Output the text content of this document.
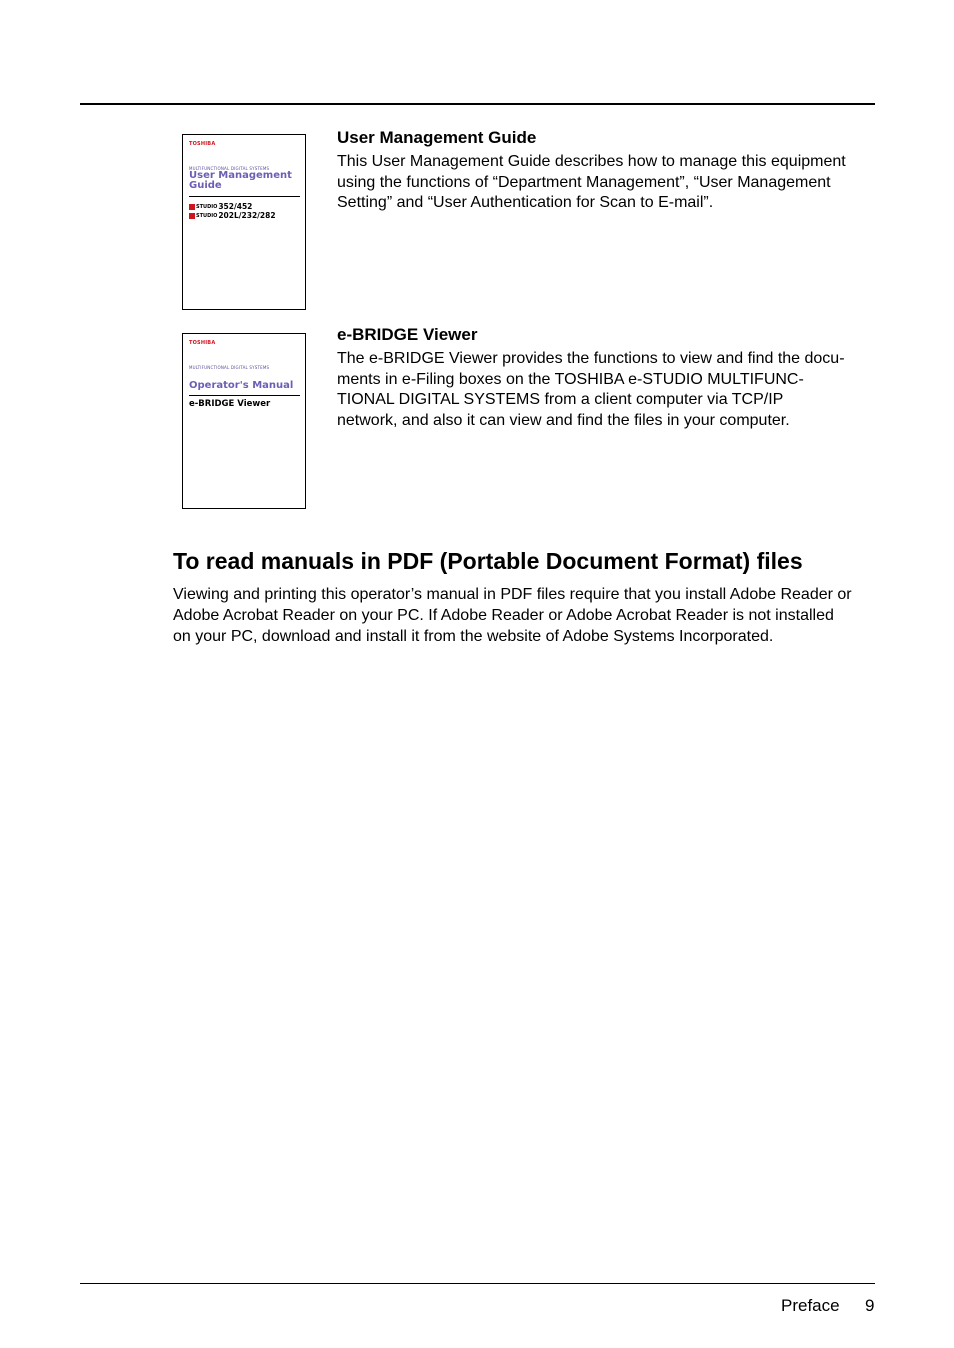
TOSHIBA
MULTIFUNCTIONAL DIGITAL SYSTEMS
User Management Guide
STUDIO 352/452
STUDIO 202L/232/282
User Management Guide
This User Management Guide describes how to manage this equipment
using the functions of “Department Management”, “User Management
Setting” and “User Authentication for Scan to E-mail”.
TOSHIBA
MULTIFUNCTIONAL DIGITAL SYSTEMS
Operator's Manual
e-BRIDGE Viewer
e-BRIDGE Viewer
The e-BRIDGE Viewer provides the functions to view and find the docu-
ments in e-Filing boxes on the TOSHIBA e-STUDIO MULTIFUNC-
TIONAL DIGITAL SYSTEMS from a client computer via TCP/IP
network, and also it can view and find the files in your computer.
To read manuals in PDF (Portable Document Format) files
Viewing and printing this operator’s manual in PDF files require that you install Adobe Reader or
Adobe Acrobat Reader on your PC. If Adobe Reader or Adobe Acrobat Reader is not installed
on your PC, download and install it from the website of Adobe Systems Incorporated.
Preface 9
